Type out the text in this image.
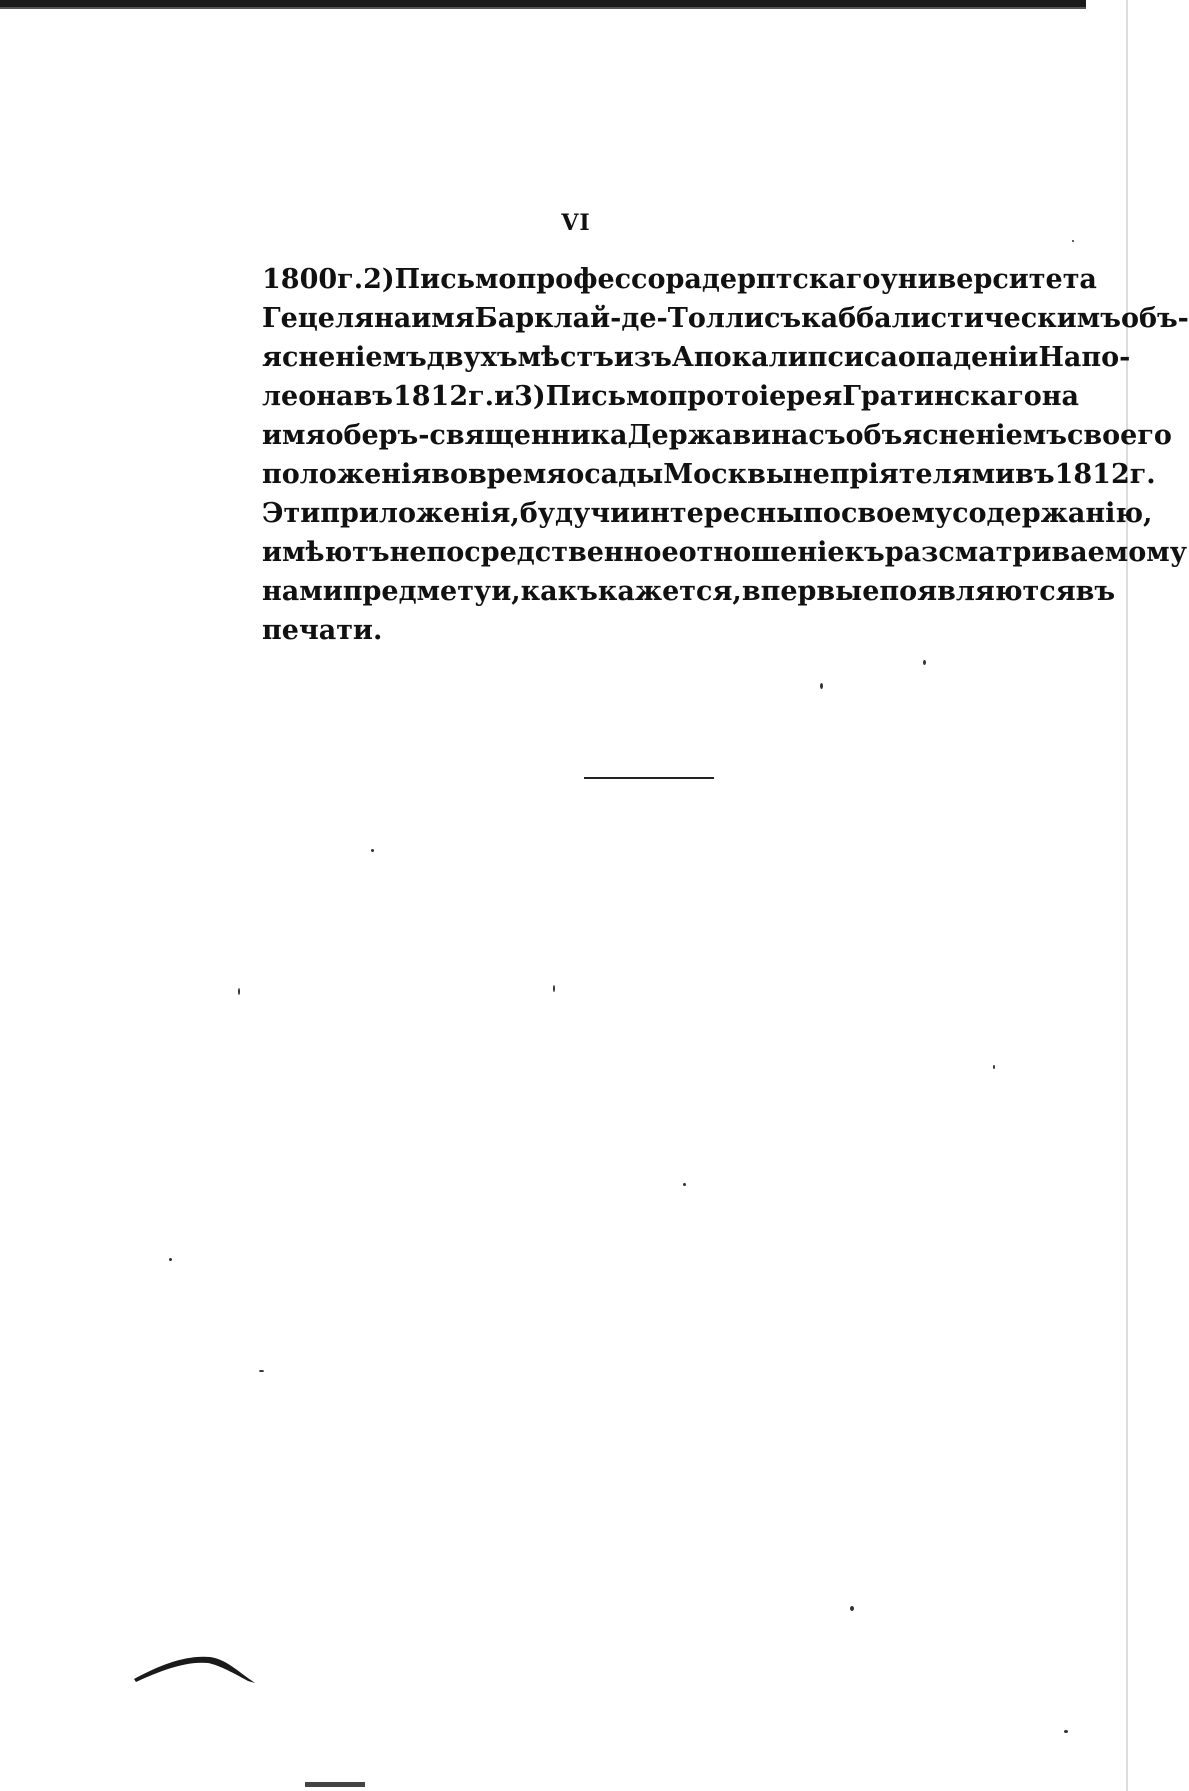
VI
1800 г. 2) Письмо профессора дерптскаго университета
Гецеля на имя Барклай-де-Толли съ каббалистическимъ объ-
ясненіемъ двухъ мѣстъ изъ Апокалипсиса о паденіи Напо-
леона въ 1812 г. и 3) Письмо протоіерея Гратинскаго на
имя оберъ-священника Державина съ объясненіемъ своего
положенія во время осады Москвы непріятелями въ 1812 г.
Эти приложенія, будучи интересны по своему содержанію,
имѣютъ непосредственное отношеніе къ разсматриваемому
нами предмету и, какъ кажется, впервые появляются въ
печати.
